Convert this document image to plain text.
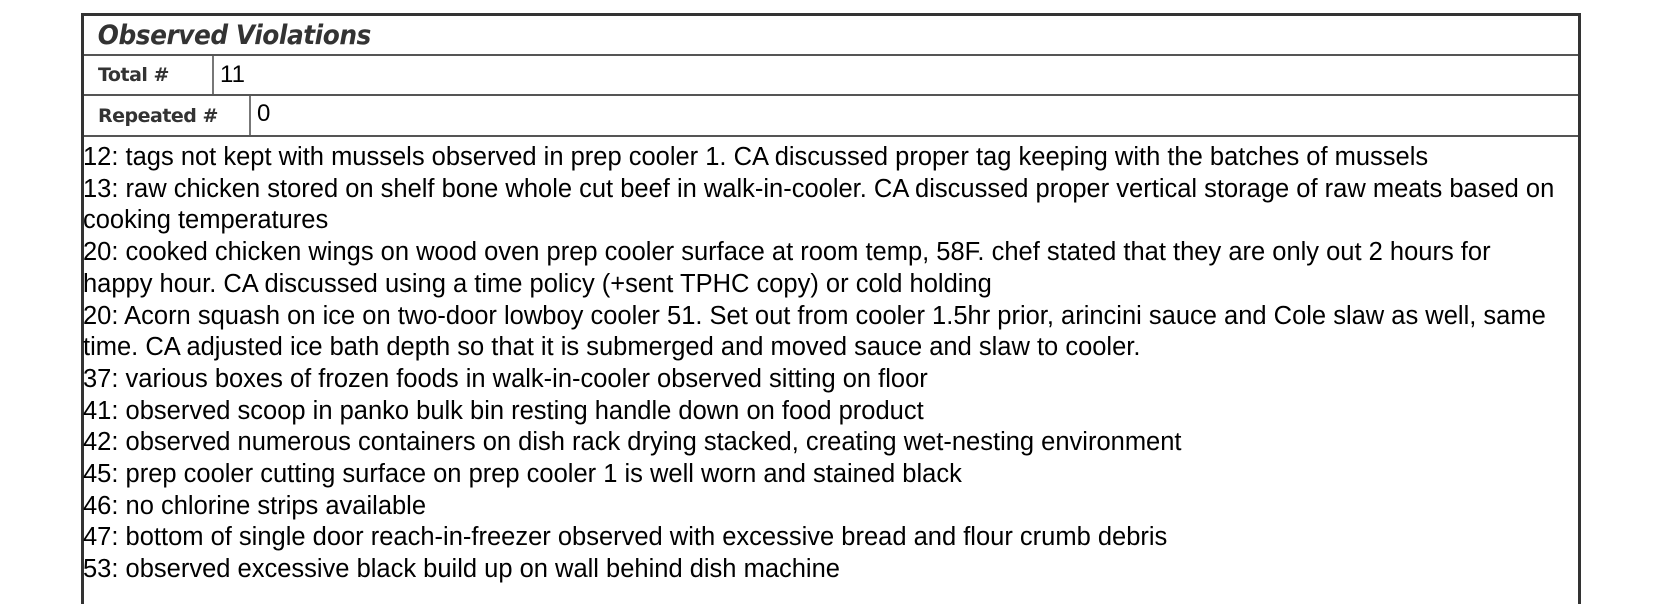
Observed Violations
Total #	11
Repeated #	0
12: tags not kept with mussels observed in prep cooler 1. CA discussed proper tag keeping with the batches of mussels
13: raw chicken stored on shelf bone whole cut beef in walk-in-cooler. CA discussed proper vertical storage of raw meats based on cooking temperatures
20: cooked chicken wings on wood oven prep cooler surface at room temp, 58F. chef stated that they are only out 2 hours for happy hour. CA discussed using a time policy (+sent TPHC copy) or cold holding
20: Acorn squash on ice on two-door lowboy cooler 51. Set out from cooler 1.5hr prior, arincini sauce and Cole slaw as well, same time. CA adjusted ice bath depth so that it is submerged and moved sauce and slaw to cooler.
37: various boxes of frozen foods in walk-in-cooler observed sitting on floor
41: observed scoop in panko bulk bin resting handle down on food product
42: observed numerous containers on dish rack drying stacked, creating wet-nesting environment
45: prep cooler cutting surface on prep cooler 1 is well worn and stained black
46: no chlorine strips available
47: bottom of single door reach-in-freezer observed with excessive bread and flour crumb debris
53: observed excessive black build up on wall behind dish machine
